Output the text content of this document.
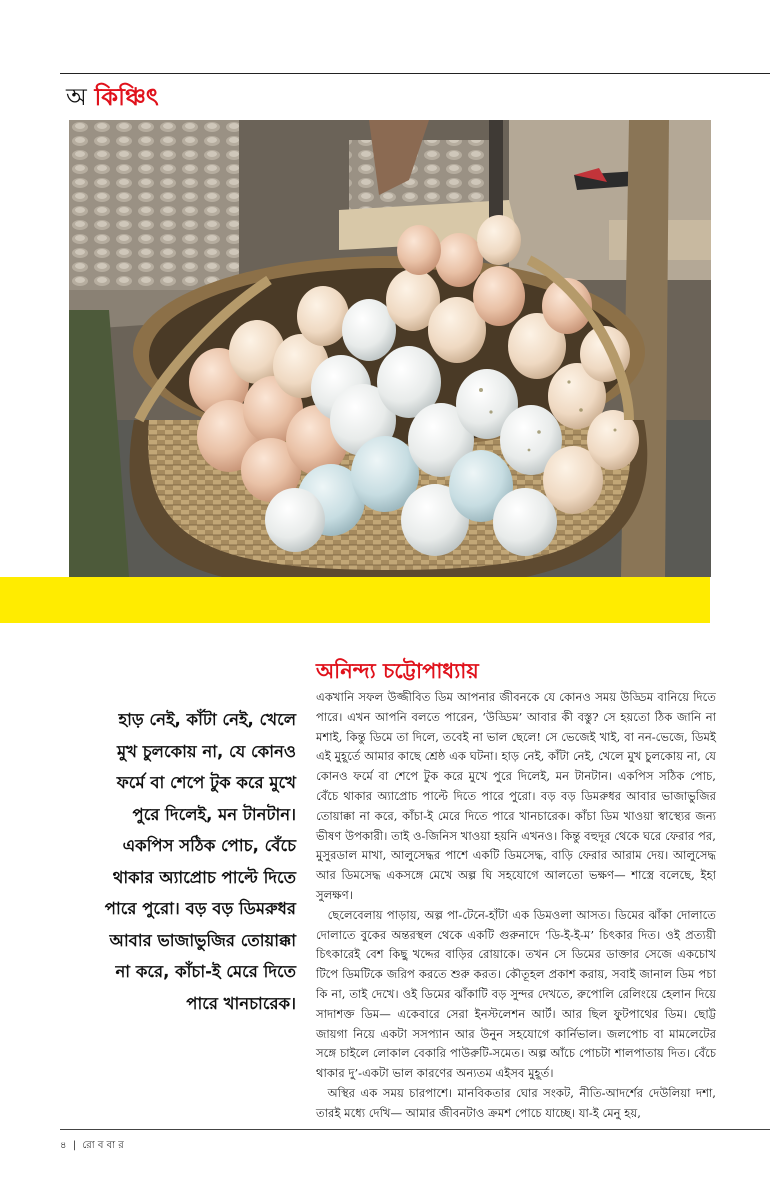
অ কিঞ্চিৎ
অনিন্দ্য চট্টোপাধ্যায়
হাড় নেই, কাঁটা নেই, খেলে মুখ চুলকোয় না, যে কোনও ফর্মে বা শেপে টুক করে মুখে পুরে দিলেই, মন টানটান। একপিস সঠিক পোচ, বেঁচে থাকার অ্যাপ্রোচ পাল্টে দিতে পারে পুরো। বড় বড় ডিমরুধর আবার ভাজাভুজির তোয়াক্কা না করে, কাঁচা-ই মেরে দিতে পারে খানচারেক।

একখানি সফল উজ্জীবিত ডিম আপনার জীবনকে যে কোনও সময় উড্ডিম বানিয়ে দিতে পারে। এখন আপনি বলতে পারেন, ‘উড্ডিম’ আবার কী বস্তু? সে হয়তো ঠিক জানি না মশাই, কিন্তু ডিমে তা দিলে, তবেই না ভাল ছেলে! সে ভেজেই খাই, বা নন-ভেজে, ডিমই এই মুহূর্তে আমার কাছে শ্রেষ্ঠ এক ঘটনা। হাড় নেই, কাঁটা নেই, খেলে মুখ চুলকোয় না, যে কোনও ফর্মে বা শেপে টুক করে মুখে পুরে দিলেই, মন টানটান। একপিস সঠিক পোচ, বেঁচে থাকার অ্যাপ্রোচ পাল্টে দিতে পারে পুরো। বড় বড় ডিমরুধর আবার ভাজাভুজির তোয়াক্কা না করে, কাঁচা-ই মেরে দিতে পারে খানচারেক। কাঁচা ডিম খাওয়া স্বাস্থ্যের জন্য ভীষণ উপকারী। তাই ও-জিনিস খাওয়া হয়নি এখনও। কিন্তু বহুদূর থেকে ঘরে ফেরার পর, মুসুরডাল মাখা, আলুসেদ্ধর পাশে একটি ডিমসেদ্ধ, বাড়ি ফেরার আরাম দেয়। আলুসেদ্ধ আর ডিমসেদ্ধ একসঙ্গে মেখে অল্প ঘি সহযোগে আলতো ভক্ষণ— শাস্ত্রে বলেছে, ইহা সুলক্ষণ।

ছেলেবেলায় পাড়ায়, অল্প পা-টেনে-হাঁটা এক ডিমওলা আসত। ডিমের ঝাঁকা দোলাতে দোলাতে বুকের অন্তরস্থল থেকে একটি গুরুনাদে ‘ডি-ই-ই-ম’ চিৎকার দিত। ওই প্রত্যয়ী চিৎকারেই বেশ কিছু খদ্দের বাড়ির রোয়াকে। তখন সে ডিমের ডাক্তার সেজে একচোখ টিপে ডিমটিকে জরিপ করতে শুরু করত। কৌতূহল প্রকাশ করায়, সবাই জানাল ডিম পচা কি না, তাই দেখে। ওই ডিমের ঝাঁকাটি বড় সুন্দর দেখতে, রুপোলি রেলিংয়ে হেলান দিয়ে সাদাশক্ত ডিম— একেবারে সেরা ইনস্টলেশন আর্ট। আর ছিল ফুটপাথের ডিম। ছোট্ট জায়গা নিয়ে একটা সসপ্যান আর উনুন সহযোগে কার্নিভাল। জলপোচ বা মামলেটের সঙ্গে চাইলে লোকাল বেকারি পাউরুটি-সমেত। অল্প আঁচে পোচটা শালপাতায় দিত। বেঁচে থাকার দু’-একটা ভাল কারণের অন্যতম এইসব মুহূর্ত।

অস্থির এক সময় চারপাশে। মানবিকতার ঘোর সংকট, নীতি-আদর্শের দেউলিয়া দশা, তারই মধ্যে দেখি— আমার জীবনটাও ক্রমশ পোচে যাচ্ছে। যা-ই মেনু হয়,

৪ | রো ব বা র
